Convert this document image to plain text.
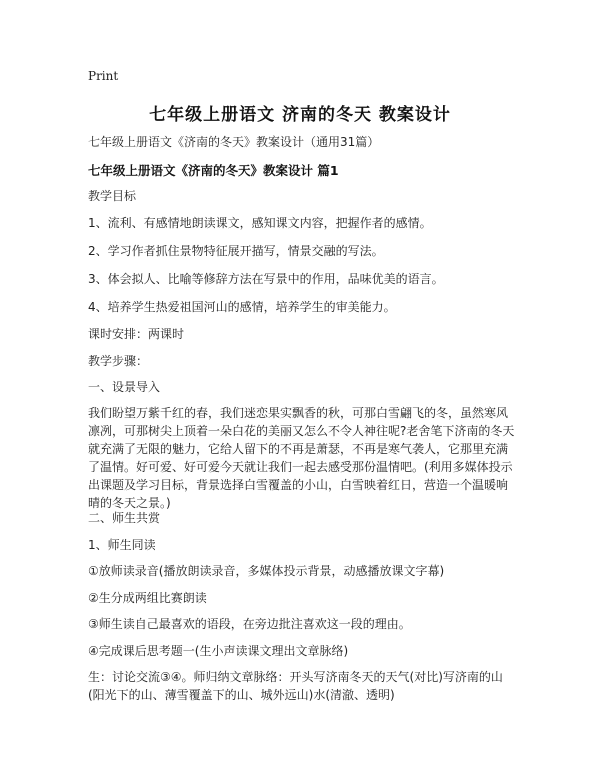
Print
七年级上册语文 济南的冬天 教案设计
七年级上册语文《济南的冬天》教案设计（通用31篇）
七年级上册语文《济南的冬天》教案设计 篇1
教学目标
1、流利、有感情地朗读课文，感知课文内容，把握作者的感情。
2、学习作者抓住景物特征展开描写，情景交融的写法。
3、体会拟人、比喻等修辞方法在写景中的作用，品味优美的语言。
4、培养学生热爱祖国河山的感情，培养学生的审美能力。
课时安排：两课时
教学步骤：
一、设景导入
我们盼望万紫千红的春，我们迷恋果实飘香的秋，可那白雪翩飞的冬，虽然寒风凛冽，可那树尖上顶着一朵白花的美丽又怎么不令人神往呢?老舍笔下济南的冬天就充满了无限的魅力，它给人留下的不再是萧瑟，不再是寒气袭人，它那里充满了温情。好可爱、好可爱今天就让我们一起去感受那份温情吧。(利用多媒体投示出课题及学习目标，背景选择白雪覆盖的小山，白雪映着红日，营造一个温暖响晴的冬天之景。)
二、师生共赏
1、师生同读
①放师读录音(播放朗读录音，多媒体投示背景，动感播放课文字幕)
②生分成两组比赛朗读
③师生读自己最喜欢的语段，在旁边批注喜欢这一段的理由。
④完成课后思考题一(生小声读课文理出文章脉络)
生：讨论交流③④。师归纳文章脉络：开头写济南冬天的天气(对比)写济南的山(阳光下的山、薄雪覆盖下的山、城外远山)水(清澈、透明)
